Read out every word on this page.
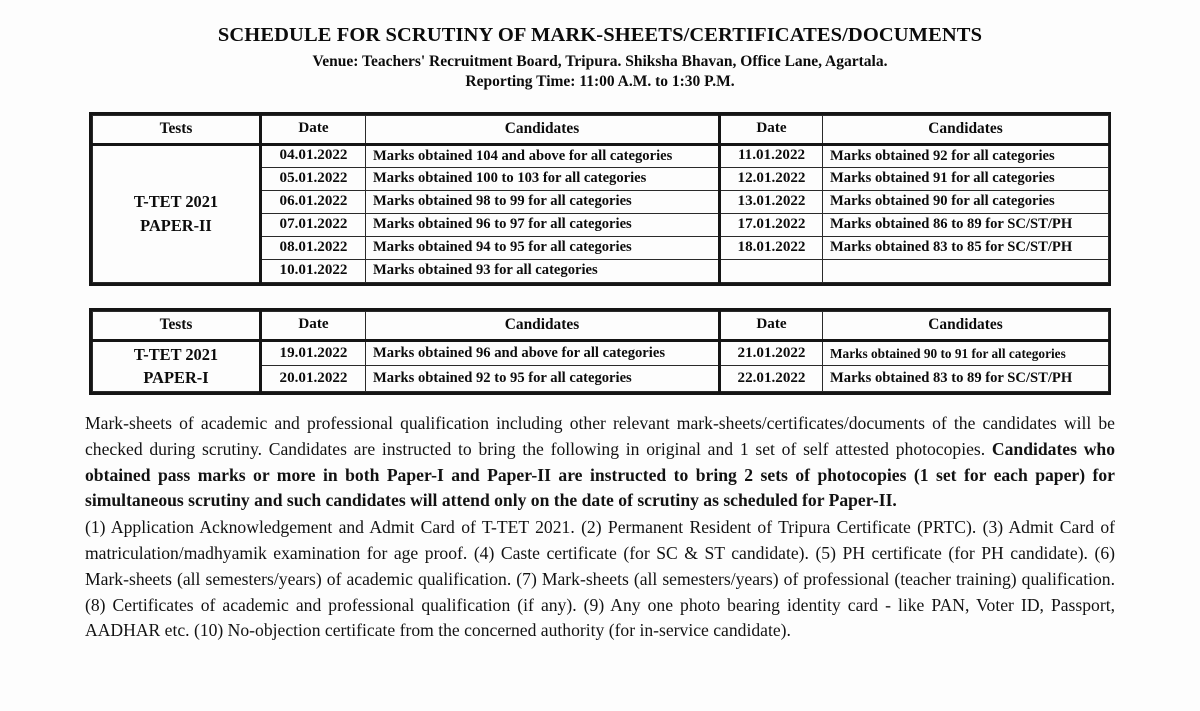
SCHEDULE FOR SCRUTINY OF MARK-SHEETS/CERTIFICATES/DOCUMENTS
Venue: Teachers' Recruitment Board, Tripura. Shiksha Bhavan, Office Lane, Agartala.
Reporting Time: 11:00 A.M. to 1:30 P.M.
Tests	Date	Candidates	Date	Candidates
T-TET 2021
PAPER-II	04.01.2022	Marks obtained 104 and above for all categories	11.01.2022	Marks obtained 92 for all categories
	05.01.2022	Marks obtained 100 to 103 for all categories	12.01.2022	Marks obtained 91 for all categories
	06.01.2022	Marks obtained 98 to 99 for all categories	13.01.2022	Marks obtained 90 for all categories
	07.01.2022	Marks obtained 96 to 97 for all categories	17.01.2022	Marks obtained 86 to 89 for SC/ST/PH
	08.01.2022	Marks obtained 94 to 95 for all categories	18.01.2022	Marks obtained 83 to 85 for SC/ST/PH
	10.01.2022	Marks obtained 93 for all categories		
Tests	Date	Candidates	Date	Candidates
T-TET 2021
PAPER-I	19.01.2022	Marks obtained 96 and above for all categories	21.01.2022	Marks obtained 90 to 91 for all categories
	20.01.2022	Marks obtained 92 to 95 for all categories	22.01.2022	Marks obtained 83 to 89 for SC/ST/PH

Mark-sheets of academic and professional qualification including other relevant mark-sheets/certificates/documents of the candidates will be checked during scrutiny. Candidates are instructed to bring the following in original and 1 set of self attested photocopies. Candidates who obtained pass marks or more in both Paper-I and Paper-II are instructed to bring 2 sets of photocopies (1 set for each paper) for simultaneous scrutiny and such candidates will attend only on the date of scrutiny as scheduled for Paper-II.

(1) Application Acknowledgement and Admit Card of T-TET 2021. (2) Permanent Resident of Tripura Certificate (PRTC). (3) Admit Card of matriculation/madhyamik examination for age proof. (4) Caste certificate (for SC & ST candidate). (5) PH certificate (for PH candidate). (6) Mark-sheets (all semesters/years) of academic qualification. (7) Mark-sheets (all semesters/years) of professional (teacher training) qualification. (8) Certificates of academic and professional qualification (if any). (9) Any one photo bearing identity card - like PAN, Voter ID, Passport, AADHAR etc. (10) No-objection certificate from the concerned authority (for in-service candidate).
